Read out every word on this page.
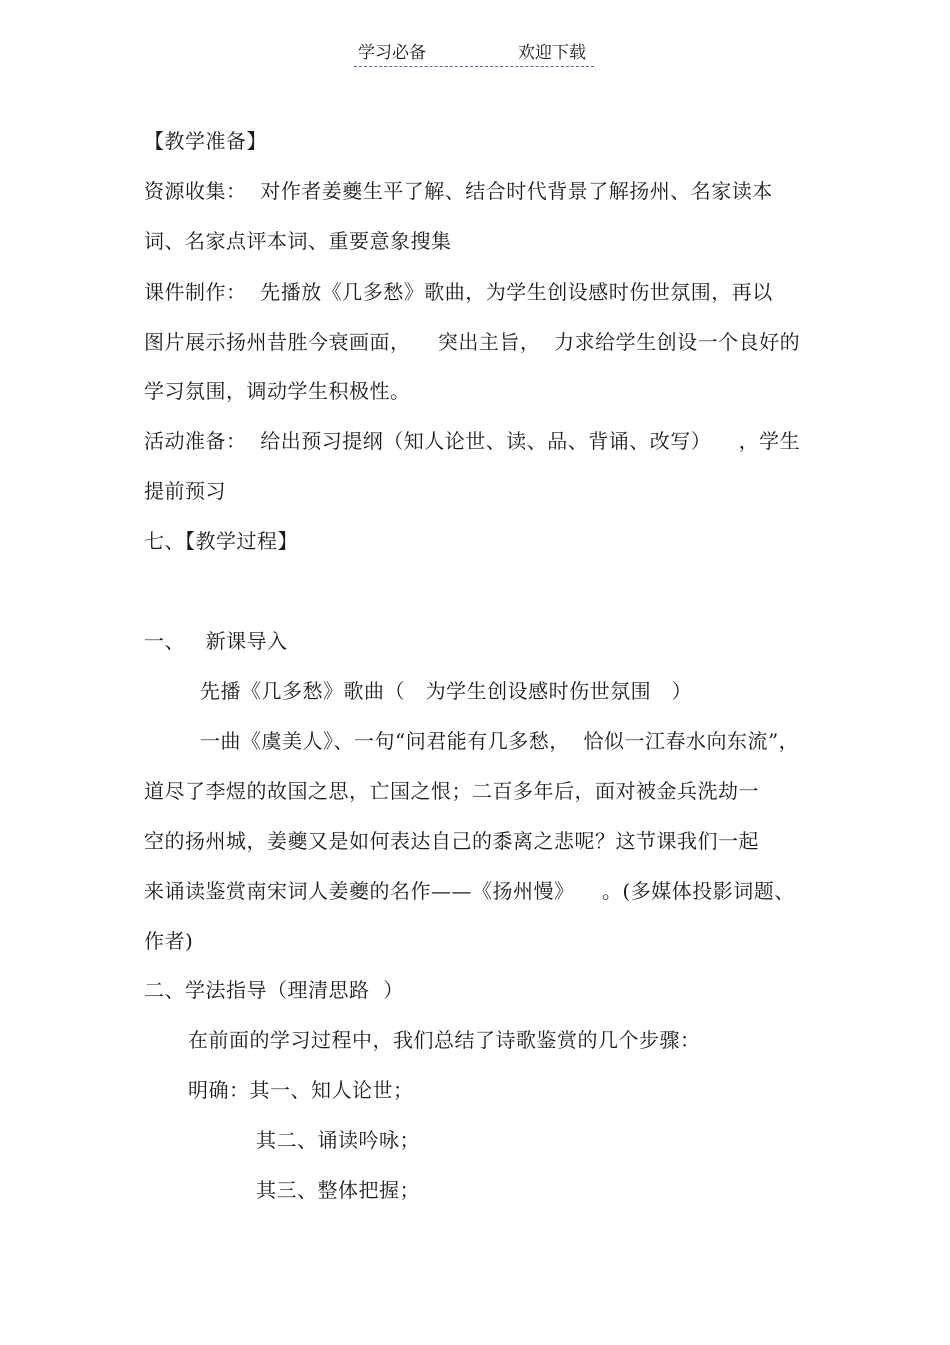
学习必备	欢迎下载
【教学准备】
资源收集：  对作者姜夔生平了解、结合时代背景了解扬州、名家读本
词、名家点评本词、重要意象搜集
课件制作：  先播放《几多愁》歌曲，为学生创设感时伤世氛围，再以
图片展示扬州昔胜今衰画面，    突出主旨，  力求给学生创设一个良好的
学习氛围，调动学生积极性。
活动准备：  给出预习提纲（知人论世、读、品、背诵、改写）    ，学生
提前预习
七、【教学过程】
一、   新课导入
先播《几多愁》歌曲（   为学生创设感时伤世氛围   ）
一曲《虞美人》、一句“问君能有几多愁，  恰似一江春水向东流”，
道尽了李煜的故国之思，亡国之恨；二百多年后，面对被金兵洗劫一
空的扬州城，姜夔又是如何表达自己的黍离之悲呢？这节课我们一起
来诵读鉴赏南宋词人姜夔的名作——《扬州慢》    。(多媒体投影词题、
作者)
二、学法指导（理清思路  ）
在前面的学习过程中，我们总结了诗歌鉴赏的几个步骤：
明确：其一、知人论世；
其二、诵读吟咏；
其三、整体把握；
